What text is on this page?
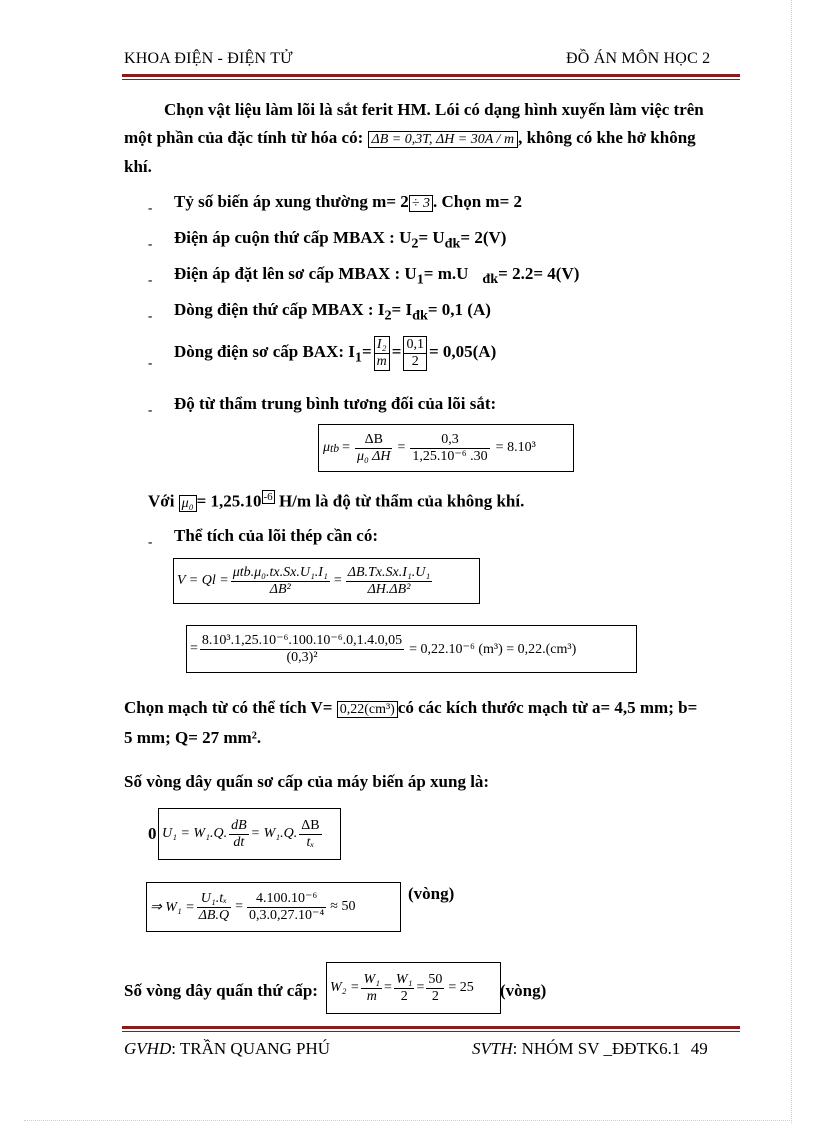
KHOA ĐIỆN - ĐIỆN TỬ	ĐỒ ÁN MÔN HỌC 2
Chọn vật liệu làm lõi là sắt ferit HM. Lói có dạng hình xuyến làm việc trên
một phần của đặc tính từ hóa có: ΔB = 0,3T, ΔH = 30A / m , không có khe hở không
khí.
- Tỷ số biến áp xung thường m= 2 ÷ 3 . Chọn m= 2
- Điện áp cuộn thứ cấp MBAX : $U_2= U_{đk}= 2(V)$
- Điện áp đặt lên sơ cấp MBAX : $U_1= m.U$ $_{đk}$= 2.2= 4(V)
- Dòng điện thứ cấp MBAX : $I_2= I_{đk}= 0,1$ (A)
-
Dòng điện sơ cấp BAX: $I_1= \frac{\text{I₂}}{m} = \frac{0,1}{2} = 0,05(A)$
- Độ từ thẩm trung bình tương đối của lõi sắt:
μ tb = $\frac{\Delta B}{\text{μ₀ ΔH}} = \frac{0,3}{\text{1,25.10⁻⁶ .30}} = 8.10^3$
Với μ₀ = 1,25.10 $^{-6}$ H/m là độ từ thẩm của không khí.
- Thể tích của lõi thép cần có:
$V = Ql = \frac{\text{μtb.μ₀.tx.Sx.U₁.I₁}}{\text{ΔB²}} = \frac{\text{ΔB.Tx.Sx.I₁.U₁}}{\text{ΔH.ΔB²}}$
= $\frac{\text{8.10³.1,25.10⁻⁶.100.10⁻⁶.0,1.4.0,05}}{\text{(0,3)²}} = 0,22.10^{-6}$ (m³) = 0,22.(cm³)
Chọn mạch từ có thể tích V= 0,22(cm³) có các kích thước mạch từ a= 4,5 mm; b=
5 mm; Q= 27 mm².
Số vòng dây quấn sơ cấp của máy biến áp xung là:
0 U₁ = W₁.Q. $\frac{dB}{dt} = W_1.Q$. $\frac{\Delta B}{\text{tₓ}}$
⇒ $W_1 = \frac{\text{U₁.tₓ}}{\Delta B.Q} = \frac{\text{4.100.10⁻⁶}}{\text{0,3.0,27.10⁻⁴}} \approx 50$
(vòng)
Số vòng dây quấn thứ cấp: $W_2 = \frac{\text{W₁}}{m} = \frac{\text{W₁}}{2} = \frac{50}{2} = 25$ (vòng)
GVHD: TRẦN QUANG PHÚ	SVTH: NHÓM SV _ĐĐTK6.1 49
